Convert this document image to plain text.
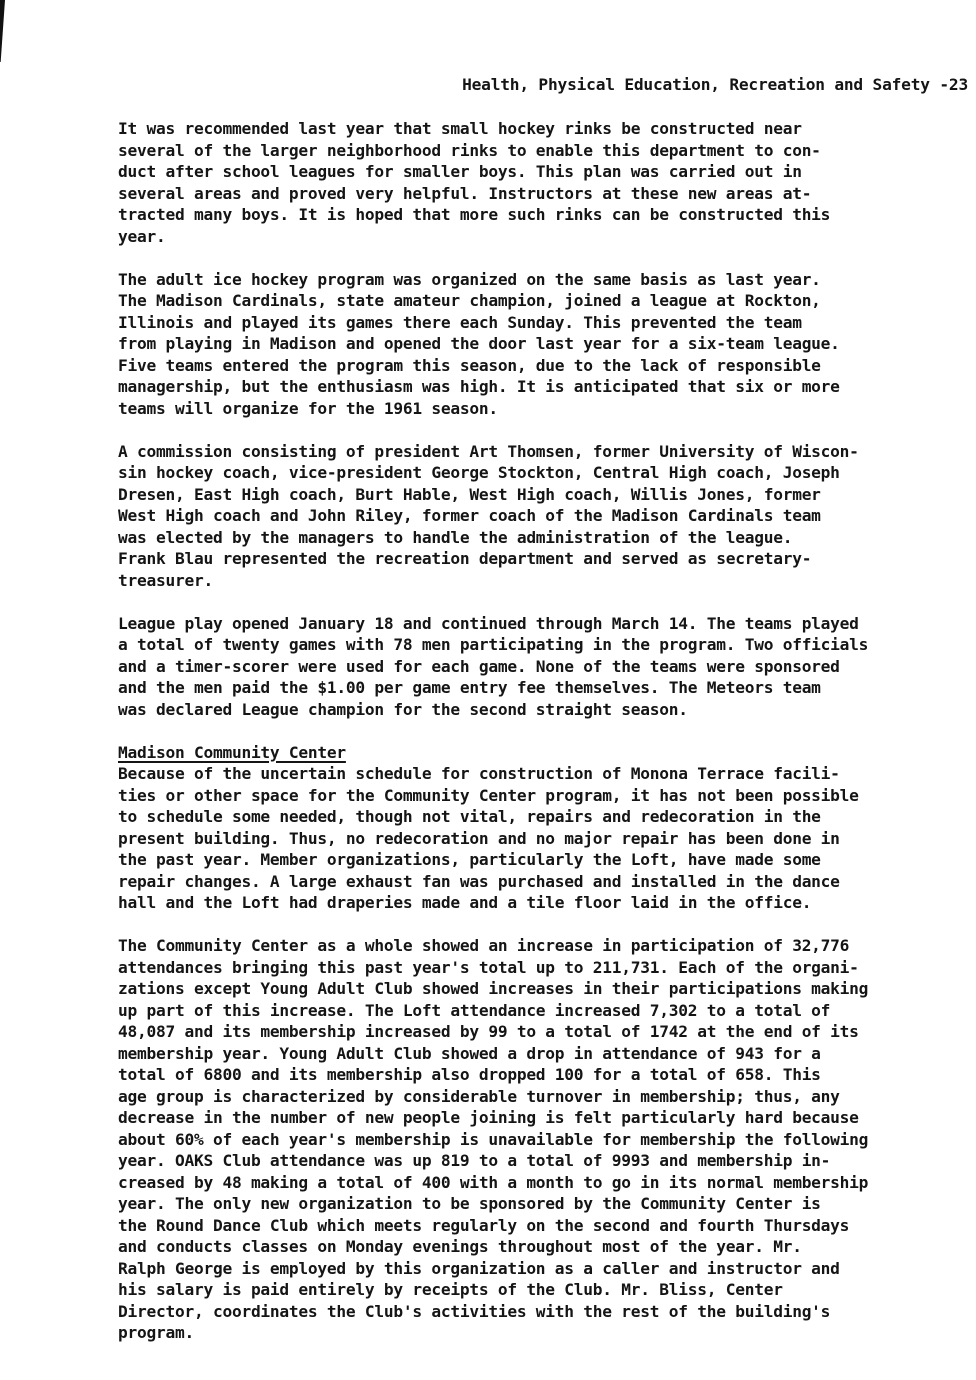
Health, Physical Education, Recreation and Safety -23
It was recommended last year that small hockey rinks be constructed near
several of the larger neighborhood rinks to enable this department to con-
duct after school leagues for smaller boys. This plan was carried out in
several areas and proved very helpful. Instructors at these new areas at-
tracted many boys. It is hoped that more such rinks can be constructed this
year.
The adult ice hockey program was organized on the same basis as last year.
The Madison Cardinals, state amateur champion, joined a league at Rockton,
Illinois and played its games there each Sunday. This prevented the team
from playing in Madison and opened the door last year for a six-team league.
Five teams entered the program this season, due to the lack of responsible
managership, but the enthusiasm was high. It is anticipated that six or more
teams will organize for the 1961 season.
A commission consisting of president Art Thomsen, former University of Wiscon-
sin hockey coach, vice-president George Stockton, Central High coach, Joseph
Dresen, East High coach, Burt Hable, West High coach, Willis Jones, former
West High coach and John Riley, former coach of the Madison Cardinals team
was elected by the managers to handle the administration of the league.
Frank Blau represented the recreation department and served as secretary-
treasurer.
League play opened January 18 and continued through March 14. The teams played
a total of twenty games with 78 men participating in the program. Two officials
and a timer-scorer were used for each game. None of the teams were sponsored
and the men paid the $1.00 per game entry fee themselves. The Meteors team
was declared League champion for the second straight season.
Madison Community Center
Because of the uncertain schedule for construction of Monona Terrace facili-
ties or other space for the Community Center program, it has not been possible
to schedule some needed, though not vital, repairs and redecoration in the
present building. Thus, no redecoration and no major repair has been done in
the past year. Member organizations, particularly the Loft, have made some
repair changes. A large exhaust fan was purchased and installed in the dance
hall and the Loft had draperies made and a tile floor laid in the office.
The Community Center as a whole showed an increase in participation of 32,776
attendances bringing this past year's total up to 211,731. Each of the organi-
zations except Young Adult Club showed increases in their participations making
up part of this increase. The Loft attendance increased 7,302 to a total of
48,087 and its membership increased by 99 to a total of 1742 at the end of its
membership year. Young Adult Club showed a drop in attendance of 943 for a
total of 6800 and its membership also dropped 100 for a total of 658. This
age group is characterized by considerable turnover in membership; thus, any
decrease in the number of new people joining is felt particularly hard because
about 60% of each year's membership is unavailable for membership the following
year. OAKS Club attendance was up 819 to a total of 9993 and membership in-
creased by 48 making a total of 400 with a month to go in its normal membership
year. The only new organization to be sponsored by the Community Center is
the Round Dance Club which meets regularly on the second and fourth Thursdays
and conducts classes on Monday evenings throughout most of the year. Mr.
Ralph George is employed by this organization as a caller and instructor and
his salary is paid entirely by receipts of the Club. Mr. Bliss, Center
Director, coordinates the Club's activities with the rest of the building's
program.
